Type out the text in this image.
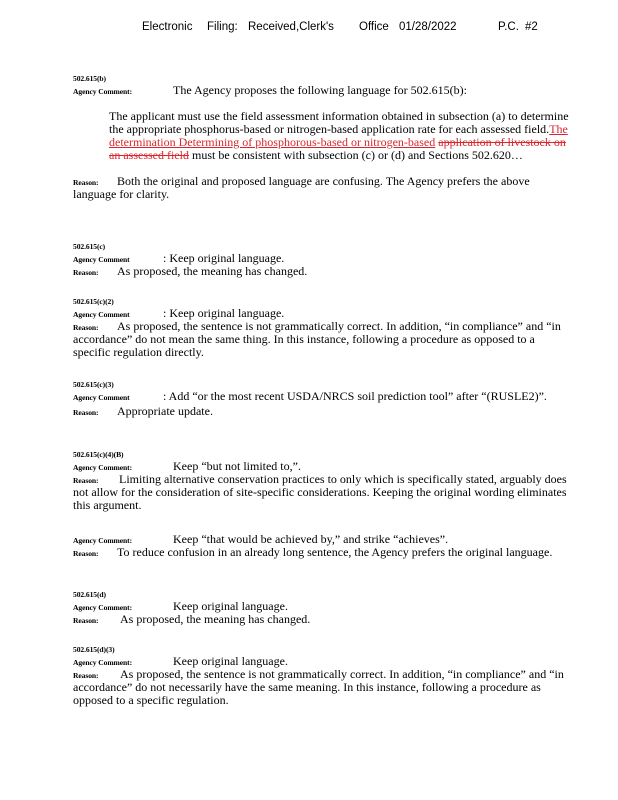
Electronic Filing: Received,Clerk's Office 01/28/2022	P.C. #2
502.615(b)
Agency Comment:	The Agency proposes the following language for 502.615(b):
The applicant must use the field assessment information obtained in subsection (a) to determine the appropriate phosphorus-based or nitrogen-based application rate for each assessed field.The determination Determining of phosphorous-based or nitrogen-based application of livestock on an assessed field must be consistent with subsection (c) or (d) and Sections 502.620…
Reason: Both the original and proposed language are confusing. The Agency prefers the above language for clarity.
502.615(c)
Agency Comment	: Keep original language.
Reason: As proposed, the meaning has changed.
502.615(c)(2)
Agency Comment	: Keep original language.
Reason: As proposed, the sentence is not grammatically correct. In addition, “in compliance” and “in accordance” do not mean the same thing. In this instance, following a procedure as opposed to a specific regulation directly.
502.615(c)(3)
Agency Comment	: Add “or the most recent USDA/NRCS soil prediction tool” after “(RUSLE2)”.
Reason: Appropriate update.
502.615(c)(4)(B)
Agency Comment:	Keep “but not limited to,”.
Reason: Limiting alternative conservation practices to only which is specifically stated, arguably does not allow for the consideration of site-specific considerations. Keeping the original wording eliminates this argument.
Agency Comment:	Keep “that would be achieved by,” and strike “achieves”.
Reason: To reduce confusion in an already long sentence, the Agency prefers the original language.
502.615(d)
Agency Comment:	Keep original language.
Reason: As proposed, the meaning has changed.
502.615(d)(3)
Agency Comment:	Keep original language.
Reason: As proposed, the sentence is not grammatically correct. In addition, “in compliance” and “in accordance” do not necessarily have the same meaning. In this instance, following a procedure as opposed to a specific regulation.
